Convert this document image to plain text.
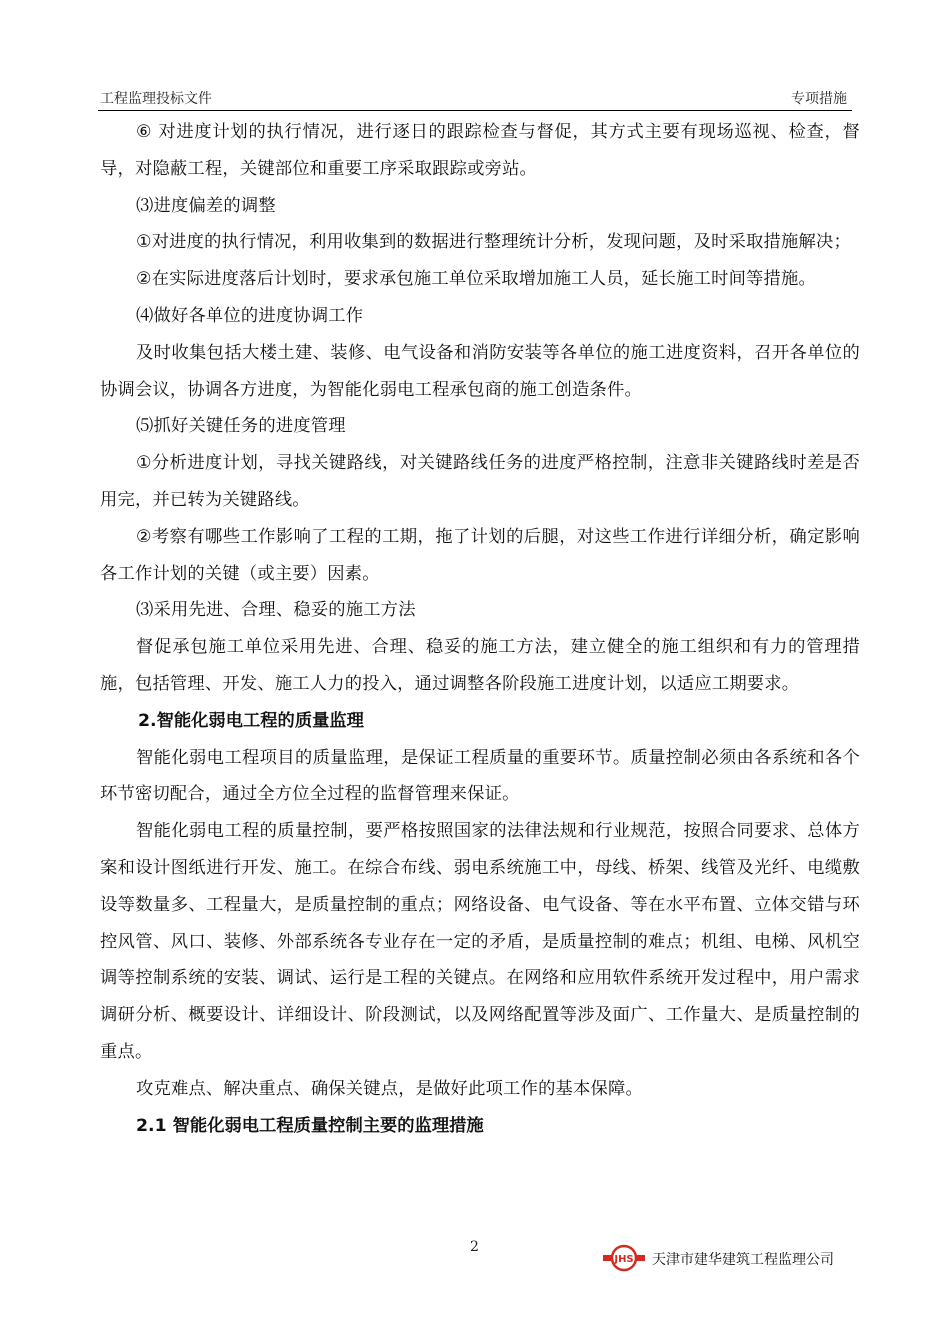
工程监理投标文件	专项措施

⑥ 对进度计划的执行情况，进行逐日的跟踪检查与督促，其方式主要有现场巡视、检查，督导，对隐蔽工程，关键部位和重要工序采取跟踪或旁站。

⑶进度偏差的调整

①对进度的执行情况，利用收集到的数据进行整理统计分析，发现问题，及时采取措施解决；

②在实际进度落后计划时，要求承包施工单位采取增加施工人员，延长施工时间等措施。

⑷做好各单位的进度协调工作

及时收集包括大楼土建、装修、电气设备和消防安装等各单位的施工进度资料，召开各单位的协调会议，协调各方进度，为智能化弱电工程承包商的施工创造条件。

⑸抓好关键任务的进度管理

①分析进度计划，寻找关键路线，对关键路线任务的进度严格控制，注意非关键路线时差是否用完，并已转为关键路线。

②考察有哪些工作影响了工程的工期，拖了计划的后腿，对这些工作进行详细分析，确定影响各工作计划的关键（或主要）因素。

⑶采用先进、合理、稳妥的施工方法

督促承包施工单位采用先进、合理、稳妥的施工方法，建立健全的施工组织和有力的管理措施，包括管理、开发、施工人力的投入，通过调整各阶段施工进度计划，以适应工期要求。

2.智能化弱电工程的质量监理

智能化弱电工程项目的质量监理，是保证工程质量的重要环节。质量控制必须由各系统和各个环节密切配合，通过全方位全过程的监督管理来保证。

智能化弱电工程的质量控制，要严格按照国家的法律法规和行业规范，按照合同要求、总体方案和设计图纸进行开发、施工。在综合布线、弱电系统施工中，母线、桥架、线管及光纤、电缆敷设等数量多、工程量大，是质量控制的重点；网络设备、电气设备、等在水平布置、立体交错与环控风管、风口、装修、外部系统各专业存在一定的矛盾，是质量控制的难点；机组、电梯、风机空调等控制系统的安装、调试、运行是工程的关键点。在网络和应用软件系统开发过程中，用户需求调研分析、概要设计、详细设计、阶段测试，以及网络配置等涉及面广、工作量大、是质量控制的重点。

攻克难点、解决重点、确保关键点，是做好此项工作的基本保障。

2.1 智能化弱电工程质量控制主要的监理措施

2
JHS 天津市建华建筑工程监理公司
